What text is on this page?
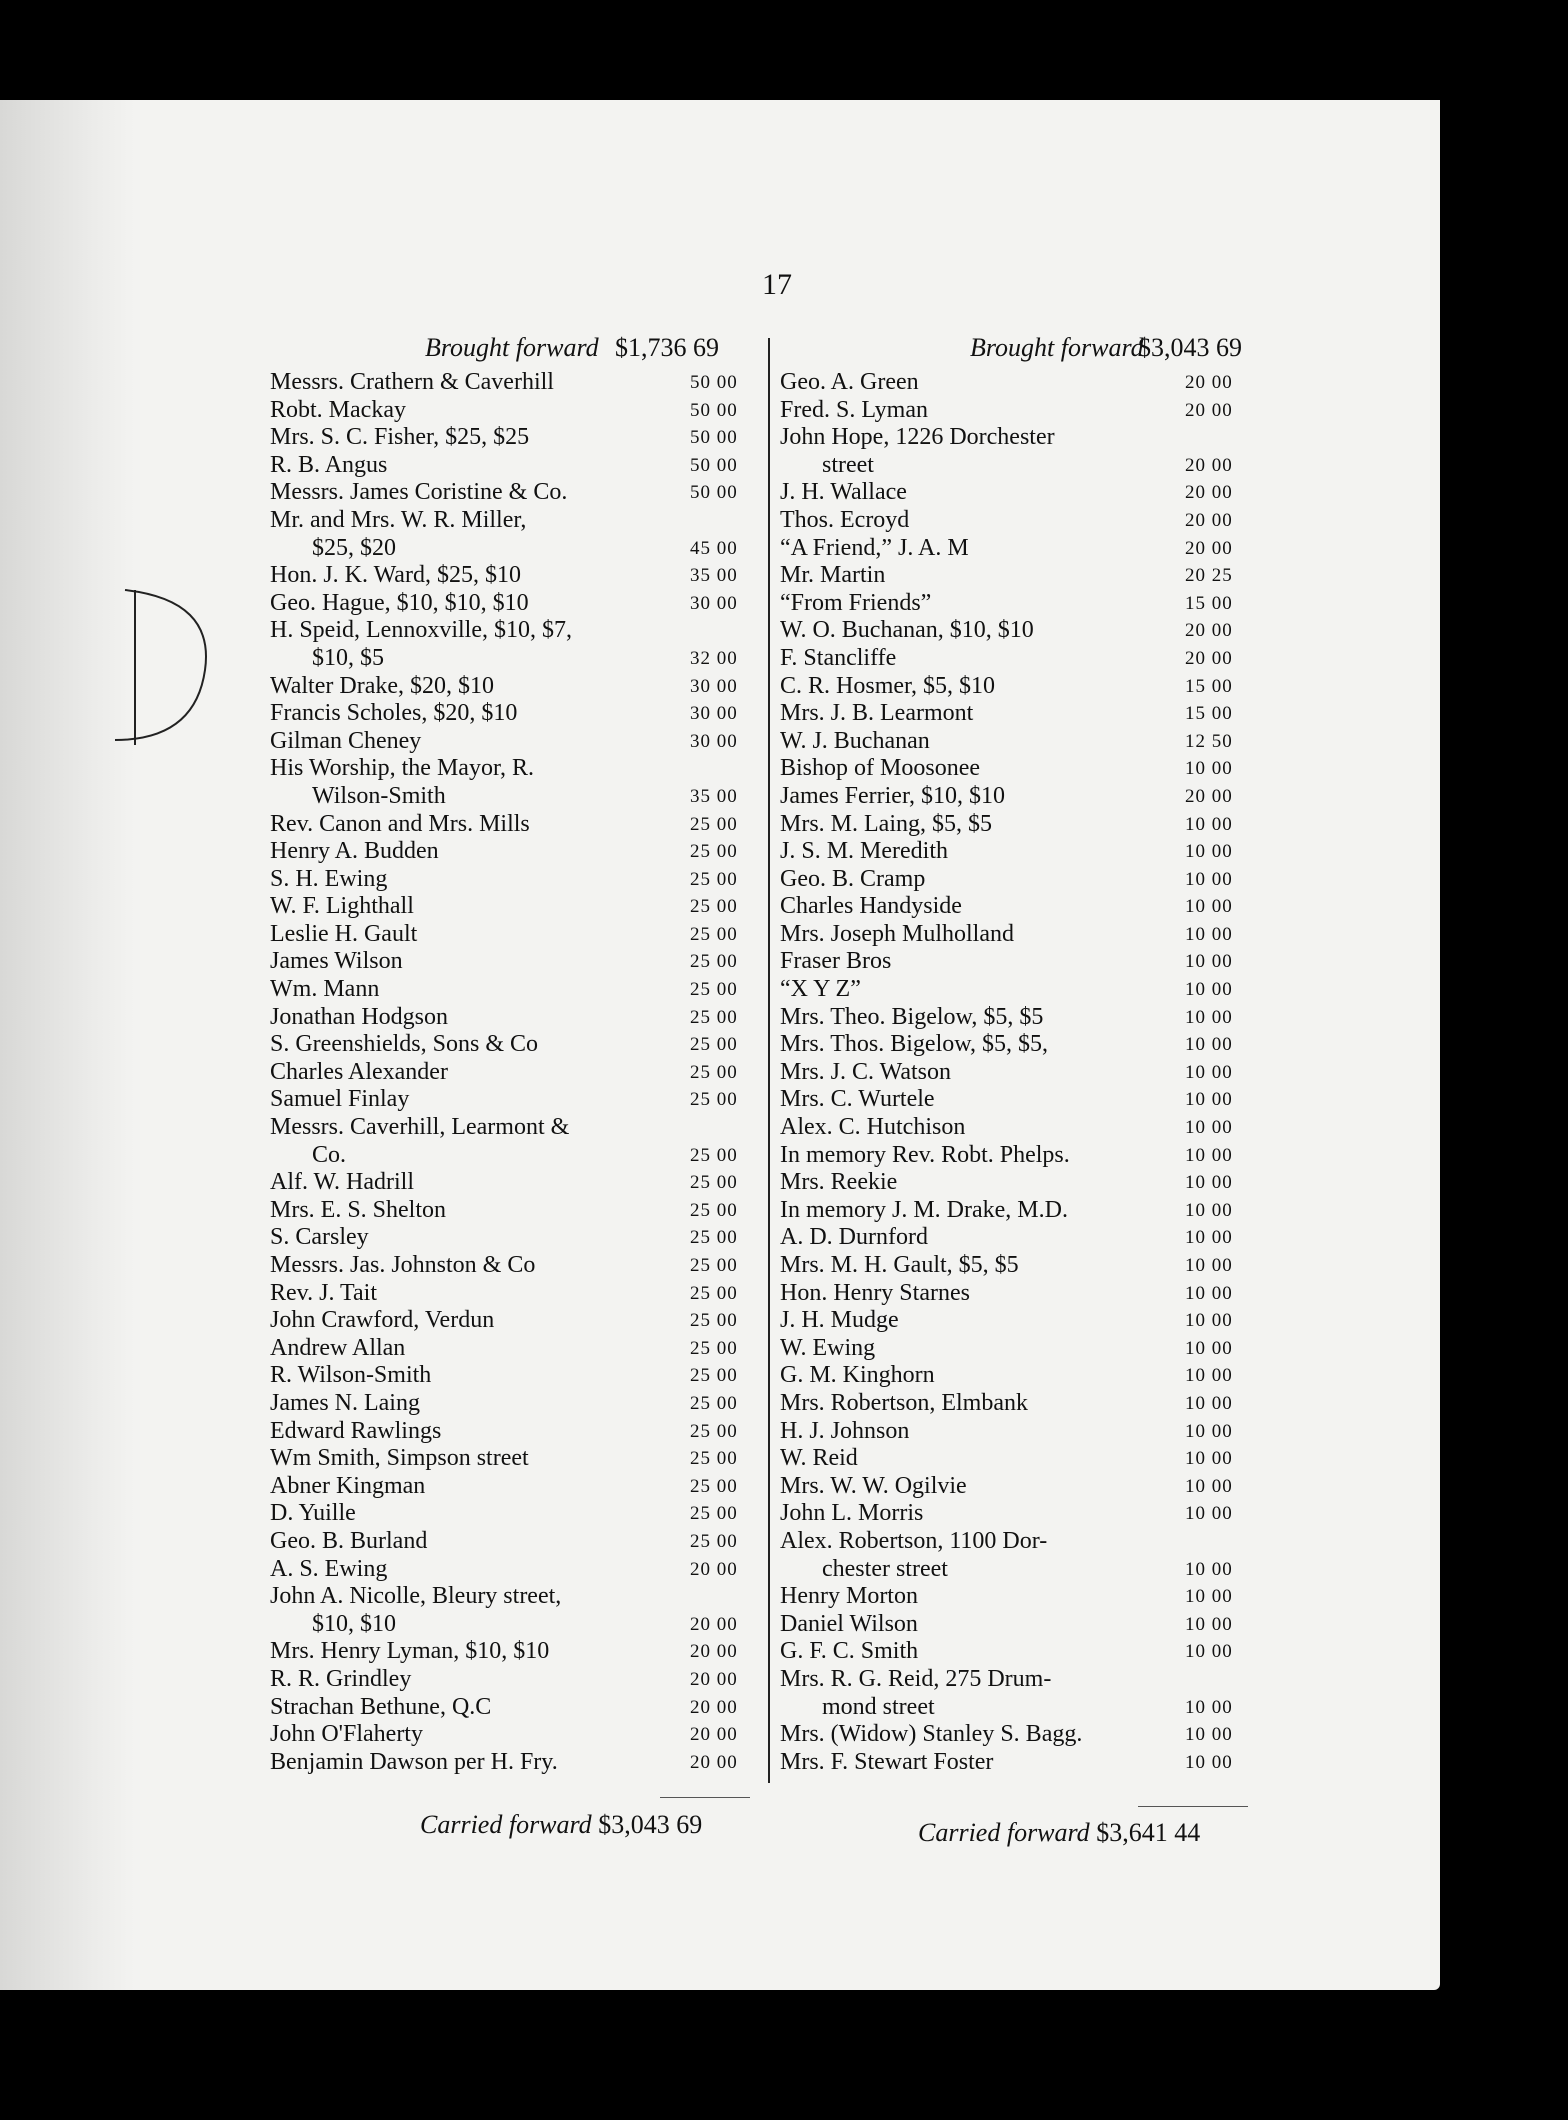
17
Brought forward $1,736 69
Messrs. Crathern & Caverhill	50 00
Robt. Mackay	50 00
Mrs. S. C. Fisher, $25, $25	50 00
R. B. Angus	50 00
Messrs. James Coristine & Co.	50 00
Mr. and Mrs. W. R. Miller,
$25, $20	45 00
Hon. J. K. Ward, $25, $10	35 00
Geo. Hague, $10, $10, $10	30 00
H. Speid, Lennoxville, $10, $7,
$10, $5	32 00
Walter Drake, $20, $10	30 00
Francis Scholes, $20, $10	30 00
Gilman Cheney	30 00
His Worship, the Mayor, R.
Wilson-Smith	35 00
Rev. Canon and Mrs. Mills	25 00
Henry A. Budden	25 00
S. H. Ewing	25 00
W. F. Lighthall	25 00
Leslie H. Gault	25 00
James Wilson	25 00
Wm. Mann	25 00
Jonathan Hodgson	25 00
S. Greenshields, Sons & Co	25 00
Charles Alexander	25 00
Samuel Finlay	25 00
Messrs. Caverhill, Learmont &
Co.	25 00
Alf. W. Hadrill	25 00
Mrs. E. S. Shelton	25 00
S. Carsley	25 00
Messrs. Jas. Johnston & Co	25 00
Rev. J. Tait	25 00
John Crawford, Verdun	25 00
Andrew Allan	25 00
R. Wilson-Smith	25 00
James N. Laing	25 00
Edward Rawlings	25 00
Wm Smith, Simpson street	25 00
Abner Kingman	25 00
D. Yuille	25 00
Geo. B. Burland	25 00
A. S. Ewing	20 00
John A. Nicolle, Bleury street,
$10, $10	20 00
Mrs. Henry Lyman, $10, $10	20 00
R. R. Grindley	20 00
Strachan Bethune, Q.C	20 00
John O'Flaherty	20 00
Benjamin Dawson per H. Fry.	20 00
Brought forward
$3,043 69
Geo. A. Green	20 00
Fred. S. Lyman	20 00
John Hope, 1226 Dorchester
street	20 00
J. H. Wallace	20 00
Thos. Ecroyd	20 00
“A Friend,” J. A. M	20 00
Mr. Martin	20 25
“From Friends”	15 00
W. O. Buchanan, $10, $10	20 00
F. Stancliffe	20 00
C. R. Hosmer, $5, $10	15 00
Mrs. J. B. Learmont	15 00
W. J. Buchanan	12 50
Bishop of Moosonee	10 00
James Ferrier, $10, $10	20 00
Mrs. M. Laing, $5, $5	10 00
J. S. M. Meredith	10 00
Geo. B. Cramp	10 00
Charles Handyside	10 00
Mrs. Joseph Mulholland	10 00
Fraser Bros	10 00
“X Y Z”	10 00
Mrs. Theo. Bigelow, $5, $5	10 00
Mrs. Thos. Bigelow, $5, $5,	10 00
Mrs. J. C. Watson	10 00
Mrs. C. Wurtele	10 00
Alex. C. Hutchison	10 00
In memory Rev. Robt. Phelps.	10 00
Mrs. Reekie	10 00
In memory J. M. Drake, M.D.	10 00
A. D. Durnford	10 00
Mrs. M. H. Gault, $5, $5	10 00
Hon. Henry Starnes	10 00
J. H. Mudge	10 00
W. Ewing	10 00
G. M. Kinghorn	10 00
Mrs. Robertson, Elmbank	10 00
H. J. Johnson	10 00
W. Reid	10 00
Mrs. W. W. Ogilvie	10 00
John L. Morris	10 00
Alex. Robertson, 1100 Dor-
chester street	10 00
Henry Morton	10 00
Daniel Wilson	10 00
G. F. C. Smith	10 00
Mrs. R. G. Reid, 275 Drum-
mond street	10 00
Mrs. (Widow) Stanley S. Bagg.	10 00
Mrs. F. Stewart Foster	10 00
Carried forward $3,043 69	Carried forward $3,641 44
